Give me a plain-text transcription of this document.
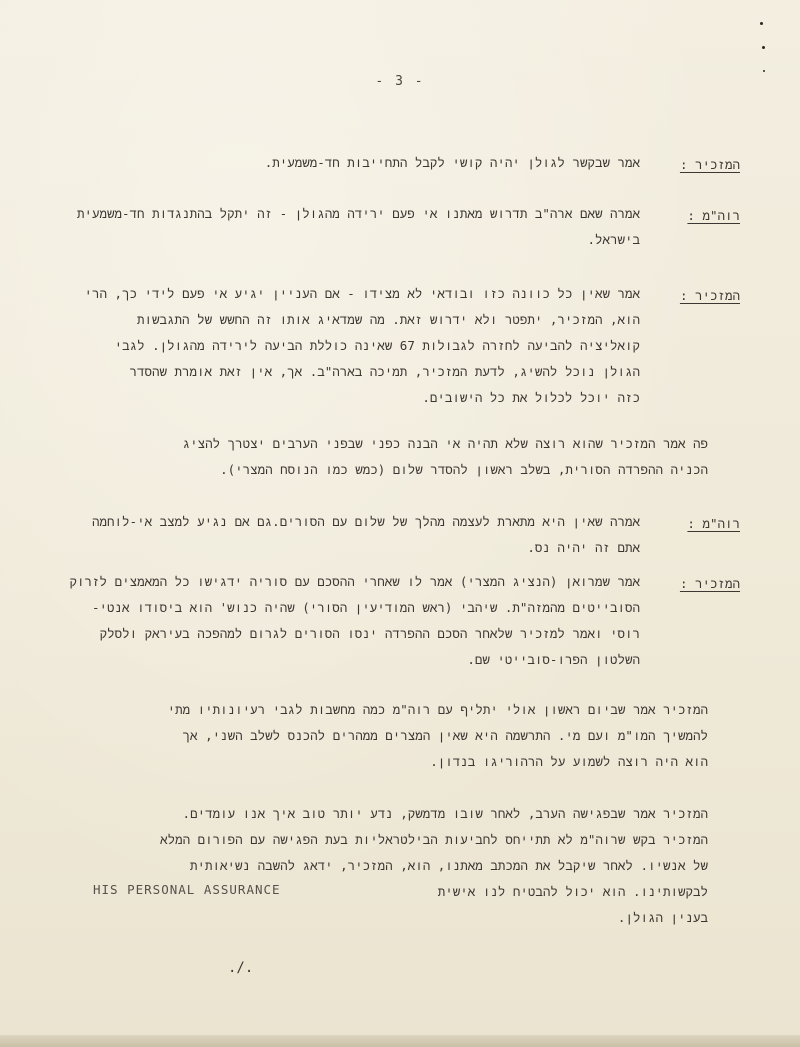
- 3 -
המזכיר :
אמר שבקשר לגולן יהיה קושי לקבל התחייבות חד-משמעית.
רוה"מ :
אמרה שאם ארה"ב תדרוש מאתנו אי פעם ירידה מהגולן - זה יתקל בהתנגדות חד-משמעית
בישראל.
המזכיר :
אמר שאין כל כוונה כזו ובודאי לא מצידו - אם העניין יגיע אי פעם לידי כך, הרי
הוא, המזכיר, יתפטר ולא ידרוש זאת. מה שמדאיג אותו זה החשש של התגבשות
קואליציה להביעה לחזרה לגבולות 67 שאינה כוללת הביעה לירידה מהגולן. לגבי
הגולן נוכל להשיג, לדעת המזכיר, תמיכה בארה"ב. אך, אין זאת אומרת שהסדר
כזה יוכל לכלול את כל הישובים.
פה אמר המזכיר שהוא רוצה שלא תהיה אי הבנה כפני שבפני הערבים יצטרך להציג
הכניה ההפרדה הסורית, בשלב ראשון להסדר שלום (כמש כמו הנוסח המצרי).
רוה"מ :
אמרה שאין היא מתארת לעצמה מהלך של שלום עם הסורים.גם אם נגיע למצב אי-לוחמה
אתם זה יהיה נס.
המזכיר :
אמר שמרואן (הנציג המצרי) אמר לו שאחרי ההסכם עם סוריה ידגישו כל המאמצים לזרוק
הסובייטים מהמזה"ת. שיהבי (ראש המודיעין הסורי) שהיה כנוש' הוא ביסודו אנטי-
רוסי ואמר למזכיר שלאחר הסכם ההפרדה ינסו הסורים לגרום למהפכה בעיראק ולסלק
השלטון הפרו-סובייטי שם.
המזכיר אמר שביום ראשון אולי יתליף עם רוה"מ כמה מחשבות לגבי רעיונותיו מתי
להמשיך המו"מ ועם מי. התרשמה היא שאין המצרים ממהרים להכנס לשלב השני, אך
הוא היה רוצה לשמוע על הרהוריגו בנדון.
המזכיר אמר שבפגישה הערב, לאחר שובו מדמשק, נדע יותר טוב איך אנו עומדים.
המזכיר בקש שרוה"מ לא תתייחס לחביעות הבילטראליות בעת הפגישה עם הפורום המלא
של אנשיו. לאחר שיקבל את המכתב מאתנו, הוא, המזכיר, ידאג להשבה נשיאותית
לבקשותינו. הוא יכול להבטיח לנו אישית
בענין הגולן.
HIS PERSONAL ASSURANCE
./.
